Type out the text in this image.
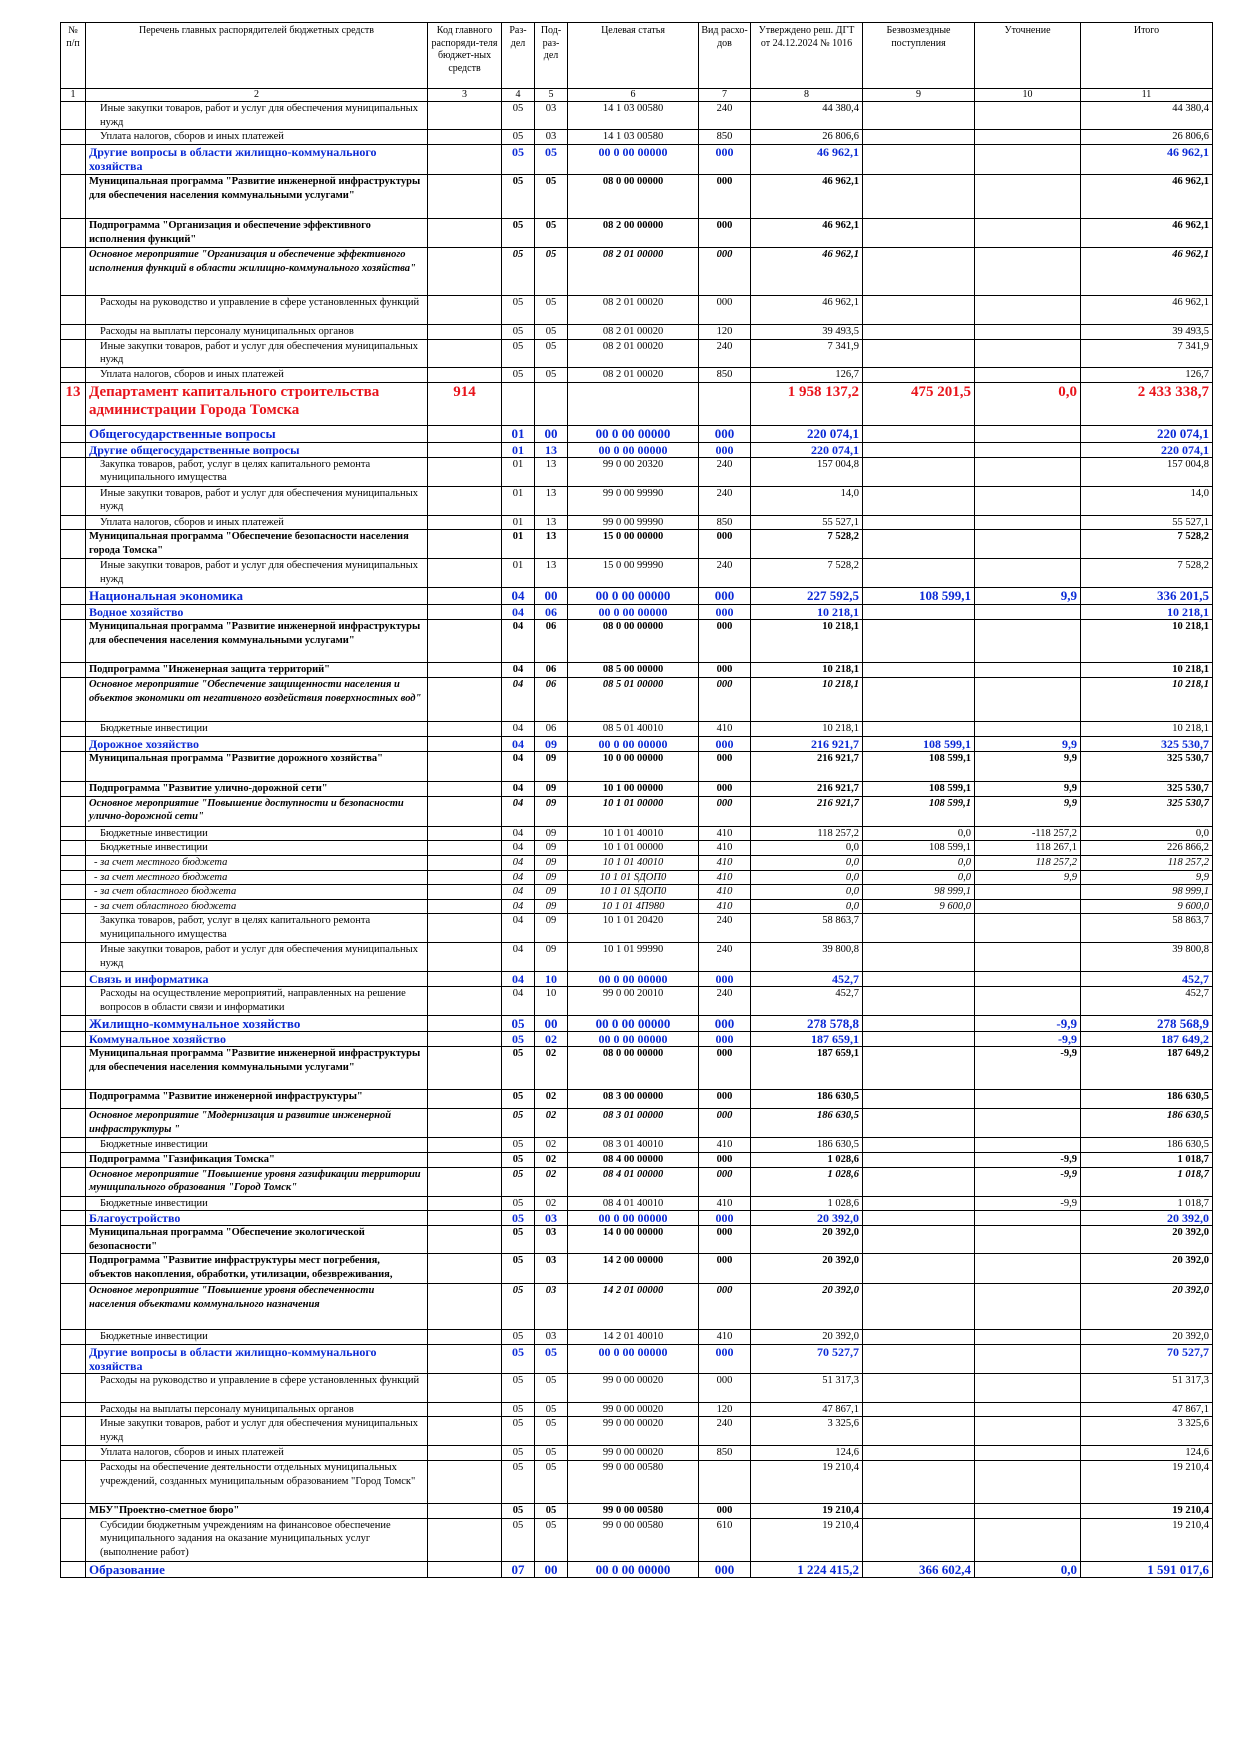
№ п/п	Перечень главных распорядителей бюджетных средств	Код главного распоряди-теля бюджет-ных средств	Раз-дел	Под-раз-дел	Целевая статья	Вид расхо-дов	Утверждено реш. ДГТ от 24.12.2024 № 1016	Безвозмездные поступления	Уточнение	Итого
1	2	3	4	5	6	7	8	9	10	11
	Иные закупки товаров, работ и услуг для обеспечения муниципальных нужд		05	03	14 1 03 00580	240	44 380,4			44 380,4
	Уплата налогов, сборов и иных платежей		05	03	14 1 03 00580	850	26 806,6			26 806,6
	Другие вопросы в области жилищно-коммунального хозяйства		05	05	00 0 00 00000	000	46 962,1			46 962,1
	Муниципальная программа "Развитие инженерной инфраструктуры для обеспечения населения коммунальными услугами"		05	05	08 0 00 00000	000	46 962,1			46 962,1
	Подпрограмма "Организация и обеспечение эффективного исполнения функций"		05	05	08 2 00 00000	000	46 962,1			46 962,1
	Основное мероприятие "Организация и обеспечение эффективного исполнения функций в области жилищно-коммунального хозяйства"		05	05	08 2 01 00000	000	46 962,1			46 962,1
	Расходы на руководство и управление в сфере установленных функций		05	05	08 2 01 00020	000	46 962,1			46 962,1
	Расходы на выплаты персоналу муниципальных органов		05	05	08 2 01 00020	120	39 493,5			39 493,5
	Иные закупки товаров, работ и услуг для обеспечения муниципальных нужд		05	05	08 2 01 00020	240	7 341,9			7 341,9
	Уплата налогов, сборов и иных платежей		05	05	08 2 01 00020	850	126,7			126,7
13	Департамент капитального строительства администрации Города Томска	914					1 958 137,2	475 201,5	0,0	2 433 338,7
	Общегосударственные вопросы		01	00	00 0 00 00000	000	220 074,1			220 074,1
	Другие общегосударственные вопросы		01	13	00 0 00 00000	000	220 074,1			220 074,1
	Закупка товаров, работ, услуг в целях капитального ремонта муниципального имущества		01	13	99 0 00 20320	240	157 004,8			157 004,8
	Иные закупки товаров, работ и услуг для обеспечения муниципальных нужд		01	13	99 0 00 99990	240	14,0			14,0
	Уплата налогов, сборов и иных платежей		01	13	99 0 00 99990	850	55 527,1			55 527,1
	Муниципальная программа "Обеспечение безопасности населения города Томска"		01	13	15 0 00 00000	000	7 528,2			7 528,2
	Иные закупки товаров, работ и услуг для обеспечения муниципальных нужд		01	13	15 0 00 99990	240	7 528,2			7 528,2
	Национальная экономика		04	00	00 0 00 00000	000	227 592,5	108 599,1	9,9	336 201,5
	Водное хозяйство		04	06	00 0 00 00000	000	10 218,1			10 218,1
	Муниципальная программа "Развитие инженерной инфраструктуры для обеспечения населения коммунальными услугами"		04	06	08 0 00 00000	000	10 218,1			10 218,1
	Подпрограмма "Инженерная защита территорий"		04	06	08 5 00 00000	000	10 218,1			10 218,1
	Основное мероприятие "Обеспечение защищенности населения и объектов экономики от негативного воздействия поверхностных вод"		04	06	08 5 01 00000	000	10 218,1			10 218,1
	Бюджетные инвестиции		04	06	08 5 01 40010	410	10 218,1			10 218,1
	Дорожное хозяйство		04	09	00 0 00 00000	000	216 921,7	108 599,1	9,9	325 530,7
	Муниципальная программа "Развитие дорожного хозяйства"		04	09	10 0 00 00000	000	216 921,7	108 599,1	9,9	325 530,7
	Подпрограмма "Развитие улично-дорожной сети"		04	09	10 1 00 00000	000	216 921,7	108 599,1	9,9	325 530,7
	Основное мероприятие "Повышение доступности и безопасности улично-дорожной сети"		04	09	10 1 01 00000	000	216 921,7	108 599,1	9,9	325 530,7
	Бюджетные инвестиции		04	09	10 1 01 40010	410	118 257,2	0,0	-118 257,2	0,0
	Бюджетные инвестиции		04	09	10 1 01 00000	410	0,0	108 599,1	118 267,1	226 866,2
	- за счет местного бюджета		04	09	10 1 01 40010	410	0,0	0,0	118 257,2	118 257,2
	- за счет местного бюджета		04	09	10 1 01 SДОП0	410	0,0	0,0	9,9	9,9
	- за счет областного бюджета		04	09	10 1 01 SДОП0	410	0,0	98 999,1		98 999,1
	- за счет областного бюджета		04	09	10 1 01 4П980	410	0,0	9 600,0		9 600,0
	Закупка товаров, работ, услуг в целях капитального ремонта муниципального имущества		04	09	10 1 01 20420	240	58 863,7			58 863,7
	Иные закупки товаров, работ и услуг для обеспечения муниципальных нужд		04	09	10 1 01 99990	240	39 800,8			39 800,8
	Связь и информатика		04	10	00 0 00 00000	000	452,7			452,7
	Расходы на осуществление мероприятий, направленных на решение вопросов в области связи и информатики		04	10	99 0 00 20010	240	452,7			452,7
	Жилищно-коммунальное хозяйство		05	00	00 0 00 00000	000	278 578,8		-9,9	278 568,9
	Коммунальное хозяйство		05	02	00 0 00 00000	000	187 659,1		-9,9	187 649,2
	Муниципальная программа "Развитие инженерной инфраструктуры для обеспечения населения коммунальными услугами"		05	02	08 0 00 00000	000	187 659,1		-9,9	187 649,2
	Подпрограмма "Развитие инженерной инфраструктуры"		05	02	08 3 00 00000	000	186 630,5			186 630,5
	Основное мероприятие "Модернизация и развитие инженерной инфраструктуры "		05	02	08 3 01 00000	000	186 630,5			186 630,5
	Бюджетные инвестиции		05	02	08 3 01 40010	410	186 630,5			186 630,5
	Подпрограмма "Газификация Томска"		05	02	08 4 00 00000	000	1 028,6		-9,9	1 018,7
	Основное мероприятие "Повышение уровня газификации территории муниципального образования "Город Томск"		05	02	08 4 01 00000	000	1 028,6		-9,9	1 018,7
	Бюджетные инвестиции		05	02	08 4 01 40010	410	1 028,6		-9,9	1 018,7
	Благоустройство		05	03	00 0 00 00000	000	20 392,0			20 392,0
	Муниципальная программа "Обеспечение экологической безопасности"		05	03	14 0 00 00000	000	20 392,0			20 392,0
	Подпрограмма "Развитие инфраструктуры мест погребения, объектов накопления, обработки, утилизации, обезвреживания,		05	03	14 2 00 00000	000	20 392,0			20 392,0
	Основное мероприятие "Повышение уровня обеспеченности населения объектами коммунального назначения		05	03	14 2 01 00000	000	20 392,0			20 392,0
	Бюджетные инвестиции		05	03	14 2 01 40010	410	20 392,0			20 392,0
	Другие вопросы в области жилищно-коммунального хозяйства		05	05	00 0 00 00000	000	70 527,7			70 527,7
	Расходы на руководство и управление в сфере установленных функций		05	05	99 0 00 00020	000	51 317,3			51 317,3
	Расходы на выплаты персоналу муниципальных органов		05	05	99 0 00 00020	120	47 867,1			47 867,1
	Иные закупки товаров, работ и услуг для обеспечения муниципальных нужд		05	05	99 0 00 00020	240	3 325,6			3 325,6
	Уплата налогов, сборов и иных платежей		05	05	99 0 00 00020	850	124,6			124,6
	Расходы на обеспечение деятельности отдельных муниципальных учреждений, созданных муниципальным образованием "Город Томск"		05	05	99 0 00 00580		19 210,4			19 210,4
	МБУ"Проектно-сметное бюро"		05	05	99 0 00 00580	000	19 210,4			19 210,4
	Субсидии бюджетным учреждениям на финансовое обеспечение муниципального задания на оказание муниципальных услуг (выполнение работ)		05	05	99 0 00 00580	610	19 210,4			19 210,4
	Образование		07	00	00 0 00 00000	000	1 224 415,2	366 602,4	0,0	1 591 017,6
